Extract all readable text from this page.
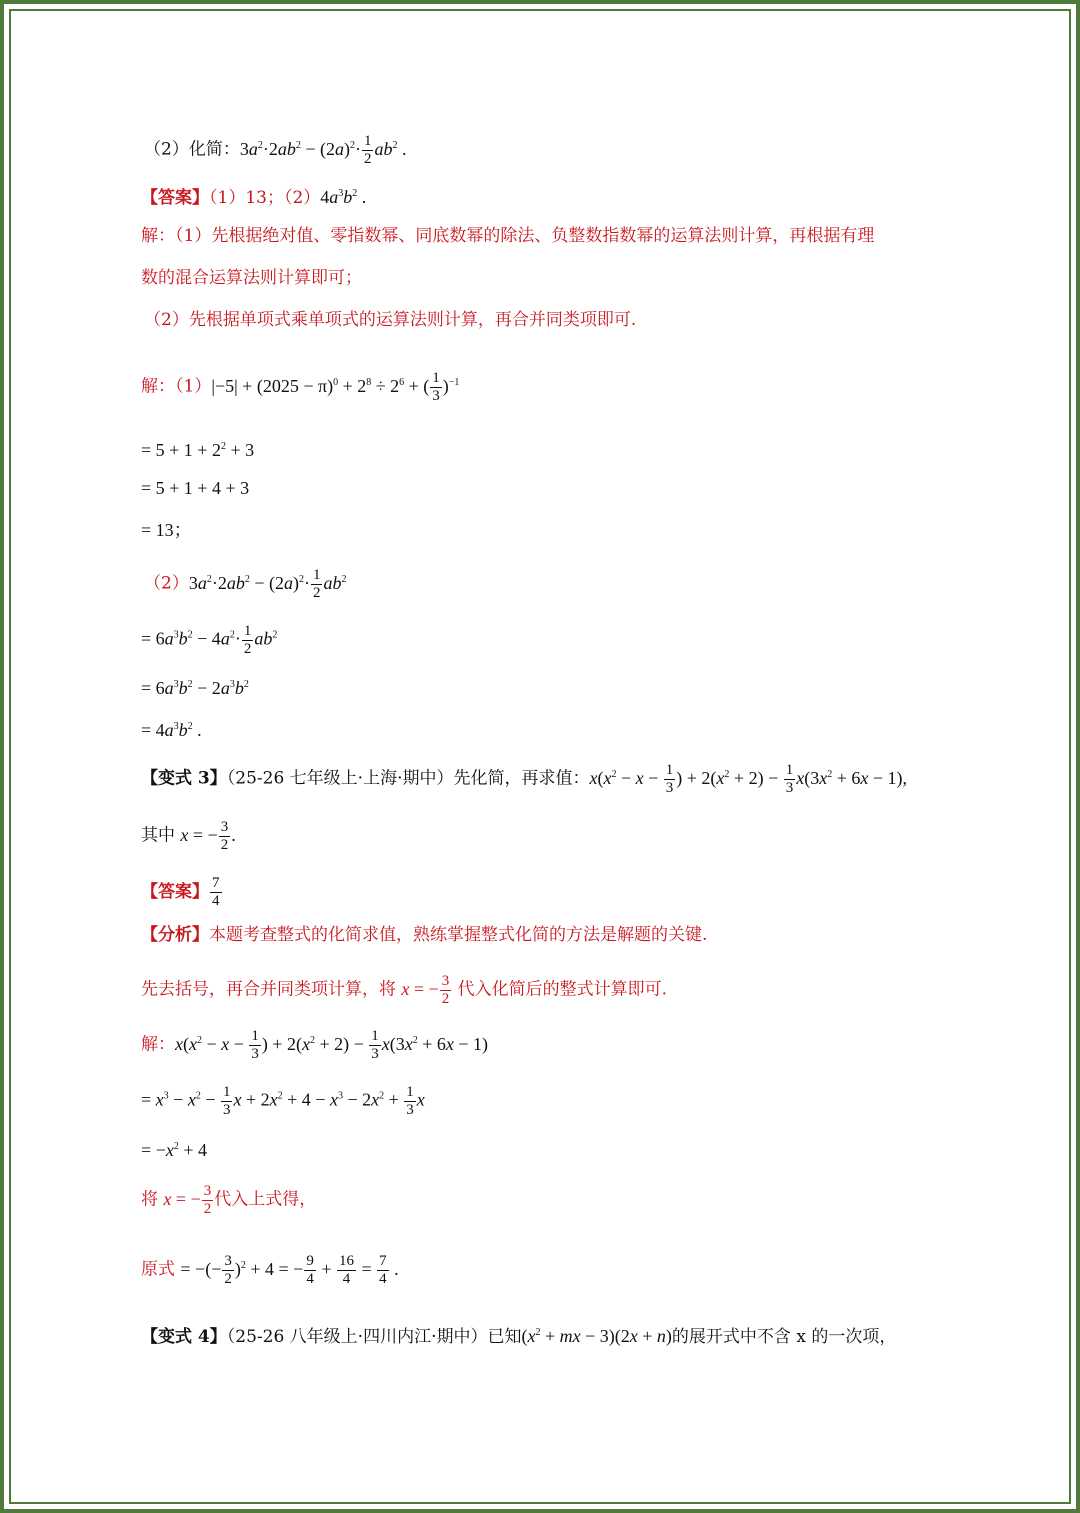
（2）化简：$3a^2\cdot 2ab^2 - (2a)^2\cdot \frac{1}{2} ab^2$ .
【答案】（1）13；$(2)4a^3b^2$ .
解：（1）先根据绝对值、零指数幂、同底数幂的除法、负整数指数幂的运算法则计算，再根据有理
数的混合运算法则计算即可；
（2）先根据单项式乘单项式的运算法则计算，再合并同类项即可.
解：$(1)|-5| + (2025 - \pi)^0 + 2^8 \div 2^6$ + ( $\frac{1}{3} )^{-1}$
= $5 + 1 + 2^2 + 3$
= 5 + 1 + 4 + 3
= 13；
$(2)3a^2\cdot 2ab^2 - (2a)^2\cdot \frac{1}{2} ab^2$
= $6a^3b^2 - 4a^2\cdot \frac{1}{2} ab^2$
= $6a^3b^2 - 2a^3b^2$
= $4a^3b^2$ .
【变式 3】（25-26 七年级上·上海·期中）先化简，再求值：$x(x^2 - x - \frac{1}{3}$ ) + $2(x^2 + 2) - \frac{1}{3} x(3x^2 + 6x - 1)$,
其中 x = − $\frac{3}{2}$ .
【答案】 $\frac{7}{4}$
【分析】本题考查整式的化简求值，熟练掌握整式化简的方法是解题的关键.
先去括号，再合并同类项计算，将 x = − $\frac{3}{2}$ 代入化简后的整式计算即可.
解：$x(x^2 - x - \frac{1}{3}$ ) + $2(x^2 + 2) - \frac{1}{3} x(3x^2 + 6x - 1)$
= $x^3 - x^2 - \frac{1}{3}$ $x + 2x^2 + 4 - x^3 - 2x^2 + \frac{1}{3}$ x
= $-x^2 + 4$
将 x = − $\frac{3}{2}$ 代入上式得，
原式 = −(− $\frac{3}{2} )^2 + 4$ = − $\frac{9}{4} + \frac{16}{4} = \frac{7}{4}$ .
【变式 4】（25-26 八年级上·四川内江·期中）已知($x^2$ + mx − 3)(2x + n)的展开式中不含 x 的一次项，
